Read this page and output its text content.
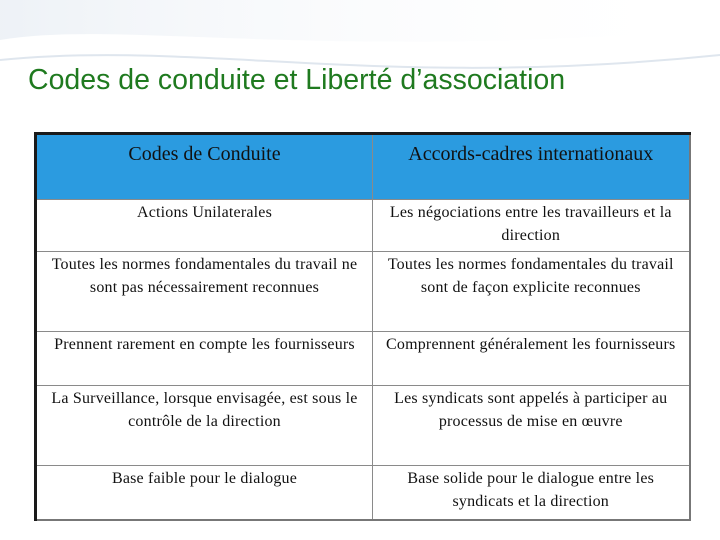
Codes de conduite et Liberté d’association
Codes de Conduite	Accords-cadres internationaux
Actions Unilaterales	Les négociations entre les travailleurs et la direction
Toutes les normes fondamentales du travail ne sont pas nécessairement reconnues	Toutes les normes fondamentales du travail sont de façon explicite reconnues
Prennent rarement en compte les fournisseurs	Comprennent généralement les fournisseurs
La Surveillance, lorsque envisagée, est sous le contrôle de la direction	Les syndicats sont appelés à participer au processus de mise en œuvre
Base faible pour le dialogue	Base solide pour le dialogue entre les syndicats et la direction
